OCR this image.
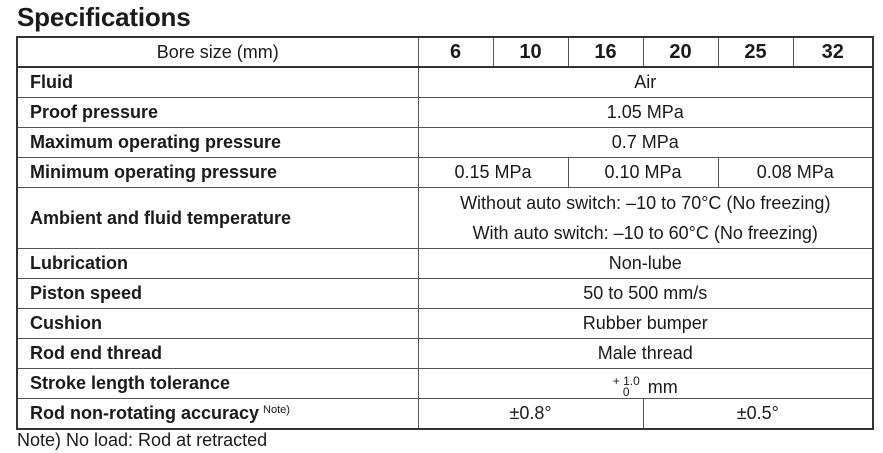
Specifications
Bore size (mm)	6	10	16	20	25	32
Fluid	Air					
Proof pressure	1.05 MPa					
Maximum operating pressure	0.7 MPa					
Minimum operating pressure	0.15 MPa		0.10 MPa		0.08 MPa	
Ambient and fluid temperature	Without auto switch: –10 to 70°C (No freezing)
With auto switch: –10 to 60°C (No freezing)					

Lubrication	Non-lube					
Piston speed	50 to 500 mm/s					
Cushion	Rubber bumper					
Rod end thread	Male thread					
Stroke length tolerance	+ 1.0
0 mm					

Rod non-rotating accuracy $^{Note)}$	±0.8°			±0.5°		
Note) No load: Rod at retracted
